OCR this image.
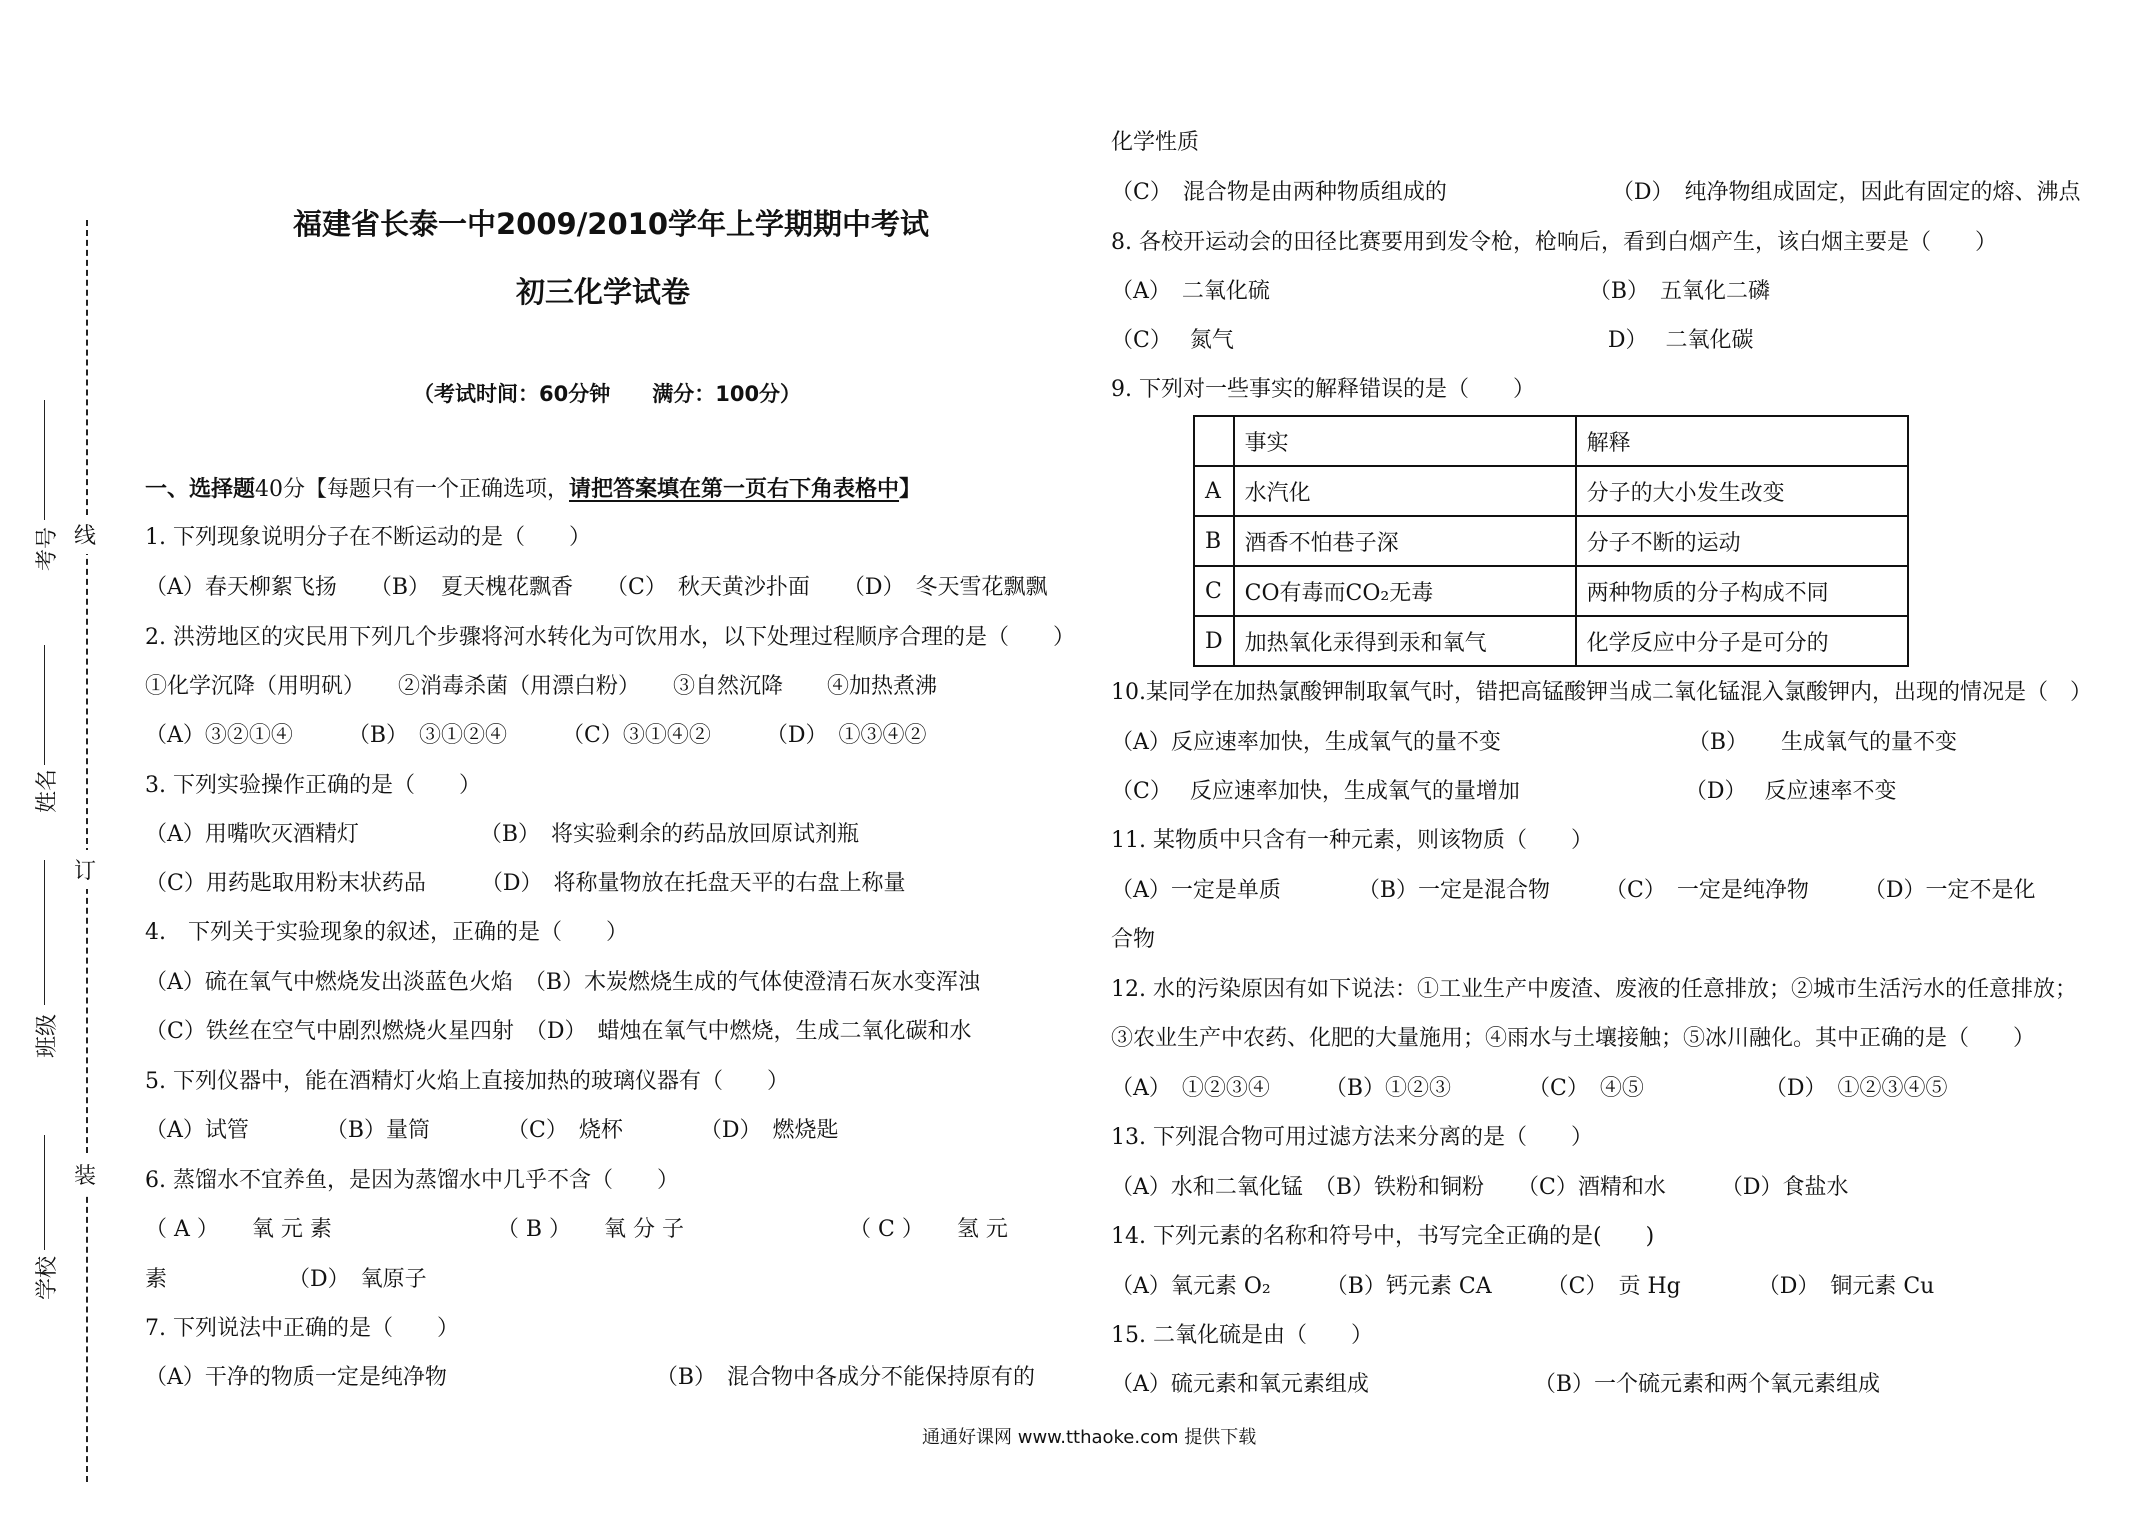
考号
姓名
班级
学校
线
订
装
福建省长泰一中2009/2010学年上学期期中考试
初三化学试卷
（考试时间：60分钟　　满分：100分）
一、选择题40分【每题只有一个正确选项，请把答案填在第一页右下角表格中】
1. 下列现象说明分子在不断运动的是（　　）
（A）春天柳絮飞扬　　（B）　夏天槐花飘香　　（C）　秋天黄沙扑面　　（D）　冬天雪花飘飘
2. 洪涝地区的灾民用下列几个步骤将河水转化为可饮用水，以下处理过程顺序合理的是（　　）
①化学沉降（用明矾）　　②消毒杀菌（用漂白粉）　　③自然沉降　　④加热煮沸
（A）③②①④　　　（B）　③①②④　　　（C）③①④②　　　（D）　①③④②
3. 下列实验操作正确的是（　　）
（A）用嘴吹灭酒精灯　　　　　　（B）　将实验剩余的药品放回原试剂瓶
（C）用药匙取用粉末状药品　　　（D）　将称量物放在托盘天平的右盘上称量
4.　下列关于实验现象的叙述，正确的是（　　）
（A）硫在氧气中燃烧发出淡蓝色火焰　（B）木炭燃烧生成的气体使澄清石灰水变浑浊
（C）铁丝在空气中剧烈燃烧火星四射　（D）　蜡烛在氧气中燃烧，生成二氧化碳和水
5. 下列仪器中，能在酒精灯火焰上直接加热的玻璃仪器有（　　）
（A）试管　　　　（B）量筒　　　　（C）　烧杯　　　　（D）　燃烧匙
6. 蒸馏水不宜养鱼，是因为蒸馏水中几乎不含（　　）
（ A ）　　氧 元 素　　　　　　　　（ B ）　　氧 分 子　　　　　　　　（ C ）　　氢 元
素　　　　　　（D）　氧原子
7. 下列说法中正确的是（　　）
（A）干净的物质一定是纯净物　　　　　　　　　　（B）　混合物中各成分不能保持原有的
化学性质
（C）　混合物是由两种物质组成的　　　　　　　　（D）　纯净物组成固定，因此有固定的熔、沸点
8. 各校开运动会的田径比赛要用到发令枪，枪响后，看到白烟产生，该白烟主要是（　　）
（A）　二氧化硫　　　　　　　　　　　　　　　（B）　五氧化二磷
（C）　 氮气　　　　　　　　　　　　　　　　　D）　 二氧化碳
9. 下列对一些事实的解释错误的是（　　）
	事实	解释
A	水汽化	分子的大小发生改变
B	酒香不怕巷子深	分子不断的运动
C	CO有毒而CO₂无毒	两种物质的分子构成不同
D	加热氧化汞得到汞和氧气	化学反应中分子是可分的
10.某同学在加热氯酸钾制取氧气时，错把高锰酸钾当成二氧化锰混入氯酸钾内，出现的情况是（　）
（A）反应速率加快，生成氧气的量不变　　　　　　　　　（B）　　生成氧气的量不变
（C）　 反应速率加快，生成氧气的量增加　　　　　　　　（D）　 反应速率不变
11. 某物质中只含有一种元素，则该物质（　　）
（A）一定是单质　　　　（B）一定是混合物　　　（C）　一定是纯净物　　　（D）一定不是化
合物
12. 水的污染原因有如下说法：①工业生产中废渣、废液的任意排放；②城市生活污水的任意排放；
③农业生产中农药、化肥的大量施用；④雨水与土壤接触；⑤冰川融化。其中正确的是（　　）
（A）　①②③④　　　（B）①②③　　　　（C）　④⑤　　　　　　（D）　①②③④⑤
13. 下列混合物可用过滤方法来分离的是（　　）
（A）水和二氧化锰　（B）铁粉和铜粉　　（C）酒精和水　　　（D）食盐水
14. 下列元素的名称和符号中，书写完全正确的是(　　)
（A）氧元素 O₂　　　（B）钙元素 CA　　　（C）　贡 Hg　　　　（D）　铜元素 Cu
15. 二氧化硫是由（　　）
（A）硫元素和氧元素组成　　　　　　　　（B）一个硫元素和两个氧元素组成
通通好课网 www.tthaoke.com 提供下载
